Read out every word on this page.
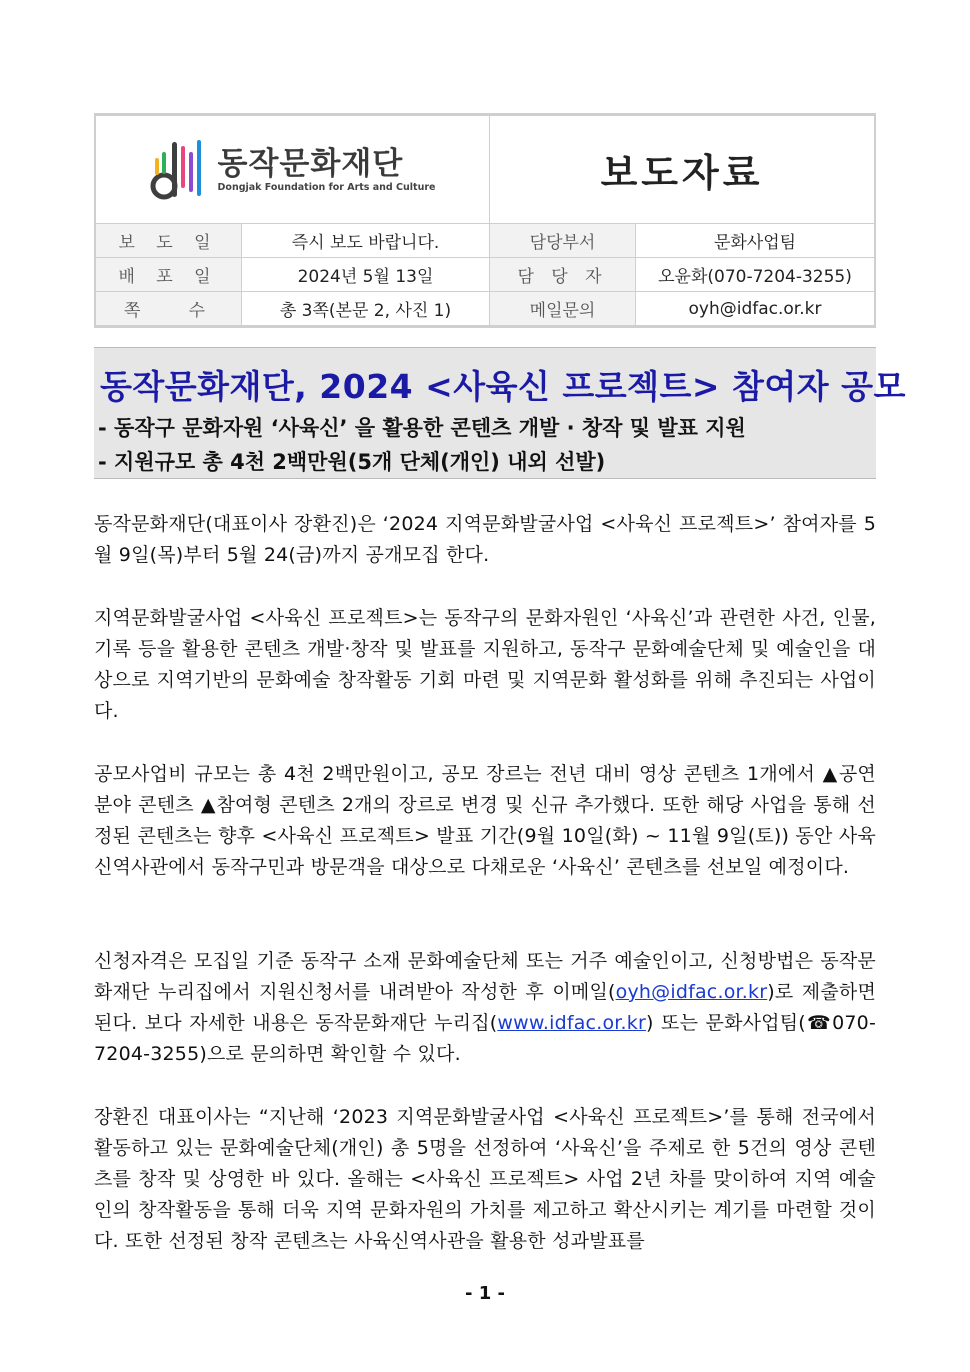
동작문화재단
Dongjak Foundation for Arts and Culture		보도자료	
보 도 일	즉시 보도 바랍니다.	담당부서	문화사업팀
배 포 일	2024년 5월 13일	담 당 자	오윤화(070-7204-3255)
쪽   수	총 3쪽(본문 2, 사진 1)	메일문의	oyh@idfac.or.kr
동작문화재단, 2024 <사육신 프로젝트> 참여자 공모
- 동작구 문화자원 ‘사육신’ 을 활용한 콘텐츠 개발 · 창작 및 발표 지원
- 지원규모 총 4천 2백만원(5개 단체(개인) 내외 선발)
동작문화재단(대표이사 장환진)은 ‘2024 지역문화발굴사업 <사육신 프로젝트>’ 참여자를 5월 9일(목)부터 5월 24(금)까지 공개모집 한다.
지역문화발굴사업 <사육신 프로젝트>는 동작구의 문화자원인 ‘사육신’과 관련한 사건, 인물, 기록 등을 활용한 콘텐츠 개발·창작 및 발표를 지원하고, 동작구 문화예술단체 및 예술인을 대상으로 지역기반의 문화예술 창작활동 기회 마련 및 지역문화 활성화를 위해 추진되는 사업이다.
공모사업비 규모는 총 4천 2백만원이고, 공모 장르는 전년 대비 영상 콘텐츠 1개에서 ▲공연분야 콘텐츠 ▲참여형 콘텐츠 2개의 장르로 변경 및 신규 추가했다. 또한 해당 사업을 통해 선정된 콘텐츠는 향후 <사육신 프로젝트> 발표 기간(9월 10일(화) ~ 11월 9일(토)) 동안 사육신역사관에서 동작구민과 방문객을 대상으로 다채로운 ‘사육신’ 콘텐츠를 선보일 예정이다.
신청자격은 모집일 기준 동작구 소재 문화예술단체 또는 거주 예술인이고, 신청방법은 동작문화재단 누리집에서 지원신청서를 내려받아 작성한 후 이메일(oyh@idfac.or.kr)로 제출하면 된다. 보다 자세한 내용은 동작문화재단 누리집(www.idfac.or.kr) 또는 문화사업팀(☎070-7204-3255)으로 문의하면 확인할 수 있다.
장환진 대표이사는 “지난해 ‘2023 지역문화발굴사업 <사육신 프로젝트>’를 통해 전국에서 활동하고 있는 문화예술단체(개인) 총 5명을 선정하여 ‘사육신’을 주제로 한 5건의 영상 콘텐츠를 창작 및 상영한 바 있다. 올해는 <사육신 프로젝트> 사업 2년 차를 맞이하여 지역 예술인의 창작활동을 통해 더욱 지역 문화자원의 가치를 제고하고 확산시키는 계기를 마련할 것이다. 또한 선정된 창작 콘텐츠는 사육신역사관을 활용한 성과발표를
- 1 -
